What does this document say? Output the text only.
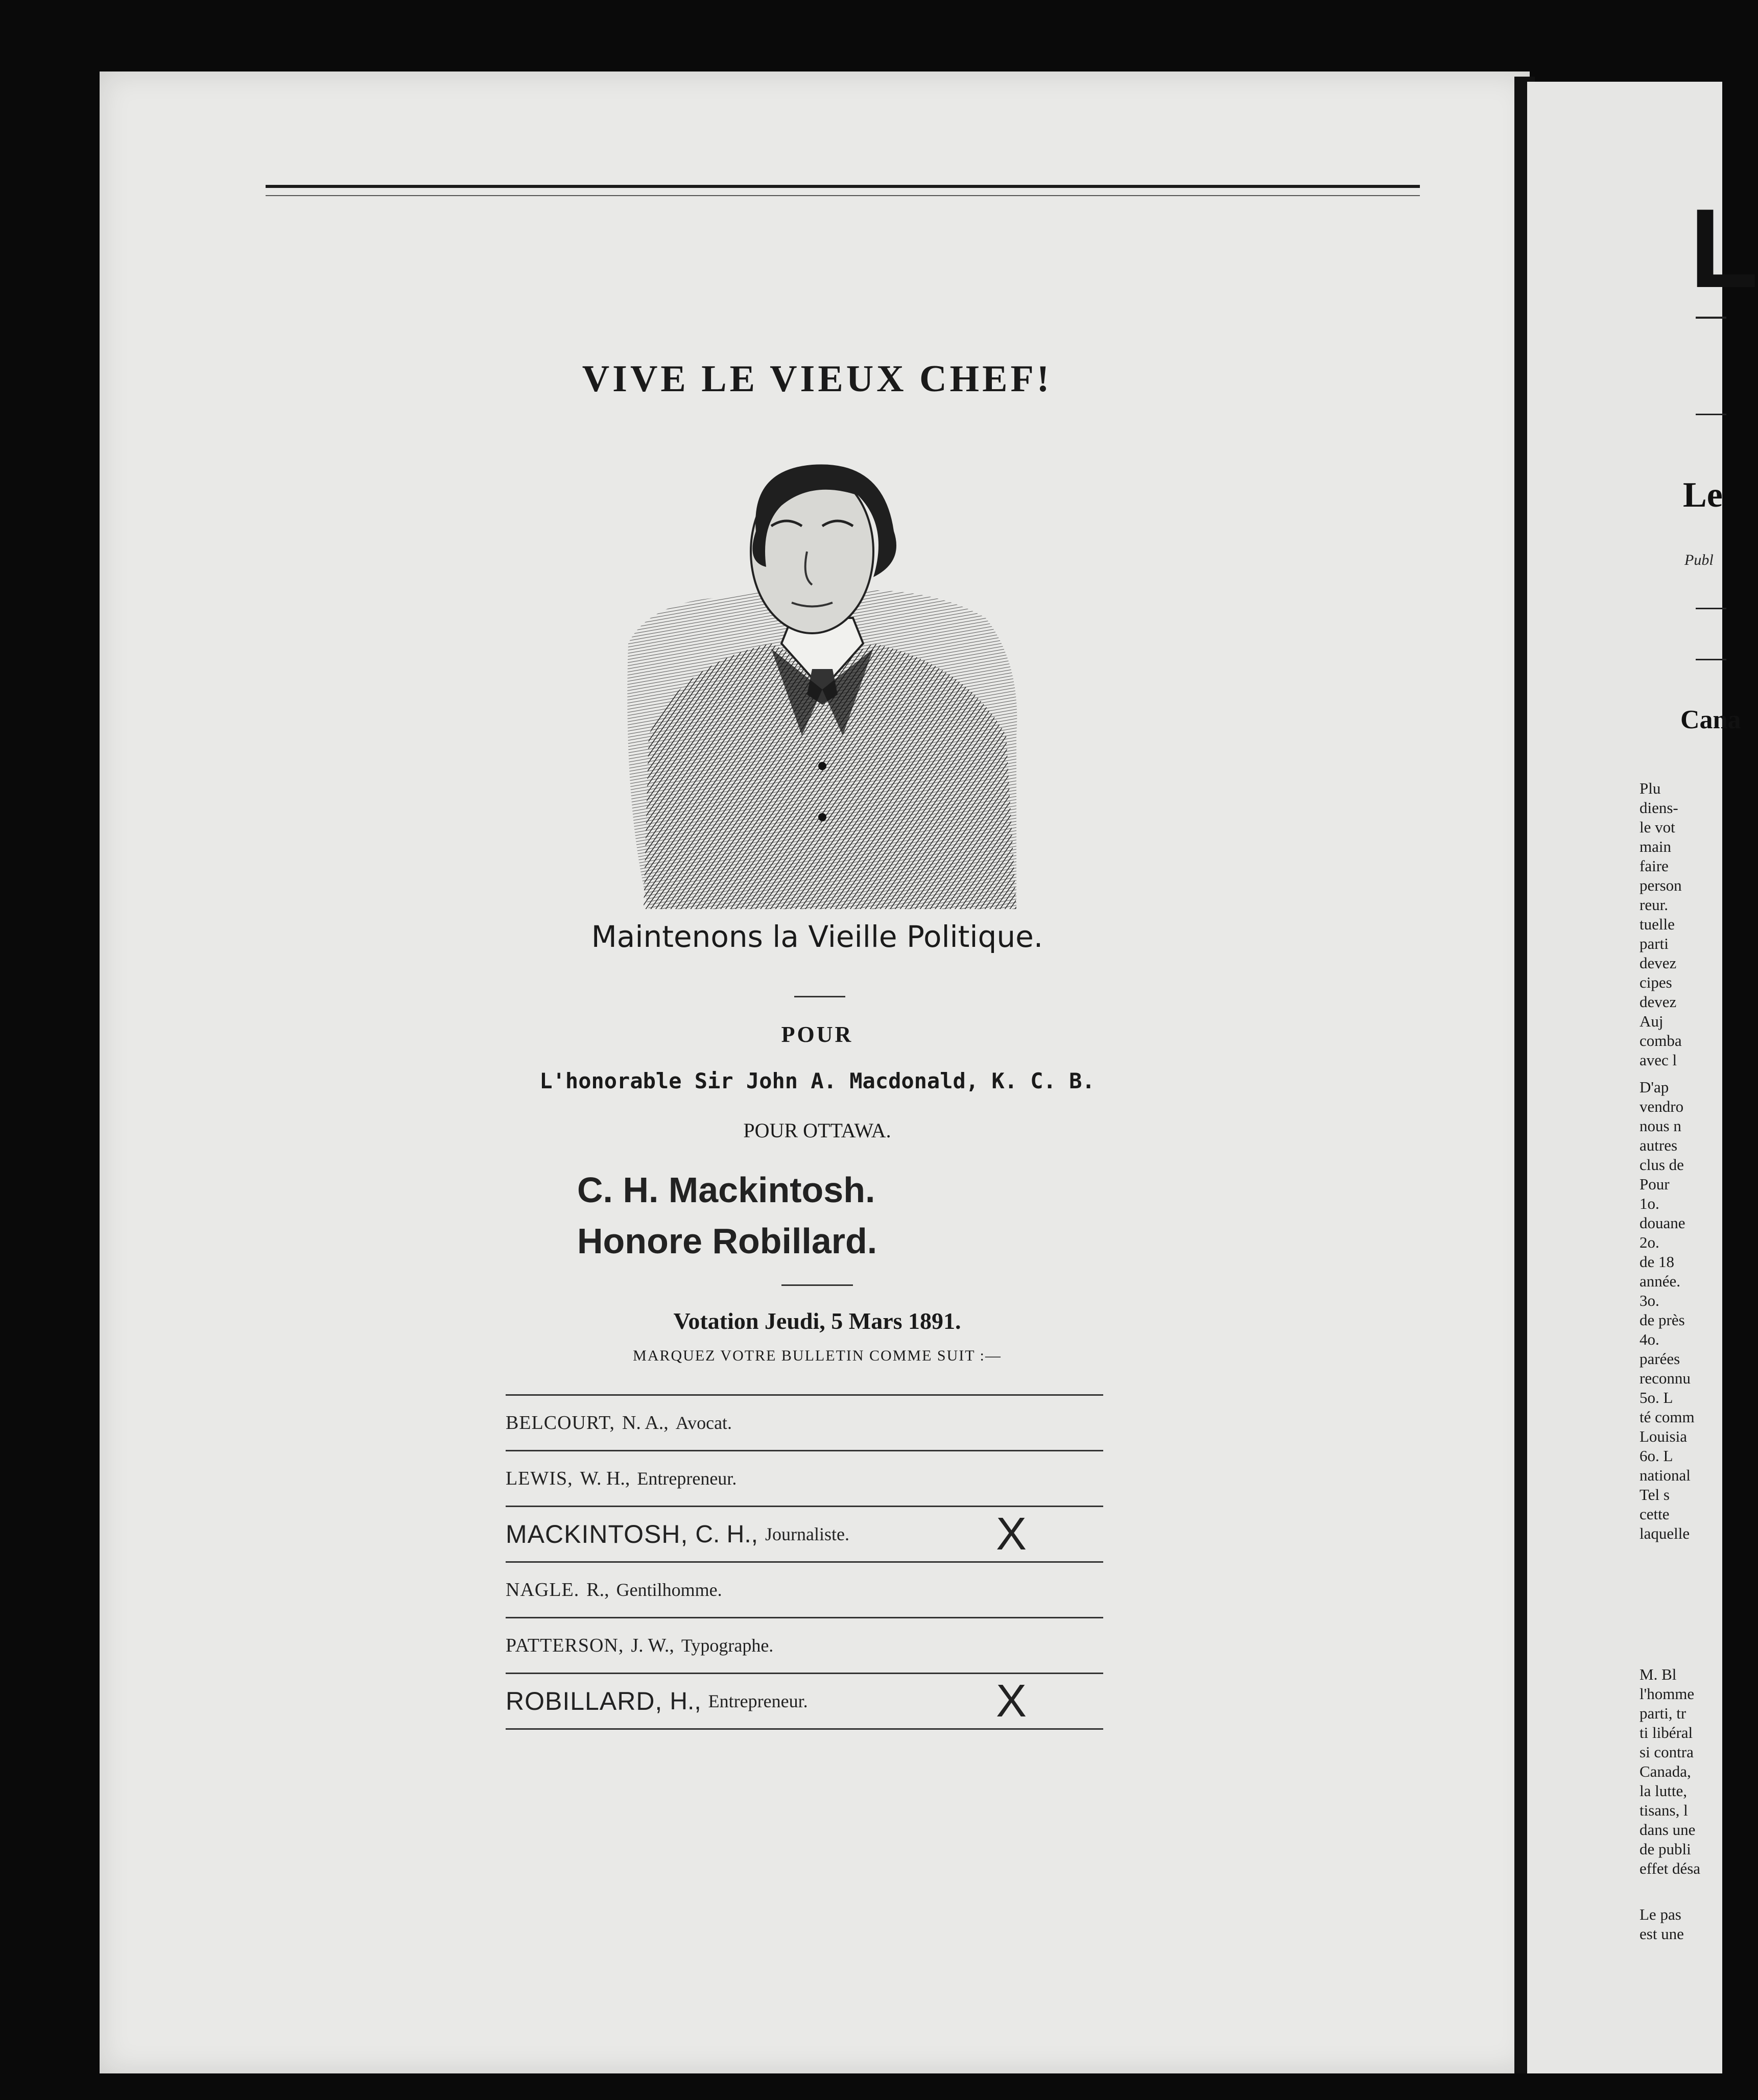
VIVE LE VIEUX CHEF!
Maintenons la Vieille Politique.
POUR
L'honorable Sir John A. Macdonald, K. C. B.
POUR OTTAWA.
C. H. Mackintosh.
Honore Robillard.
Votation Jeudi, 5 Mars 1891.
MARQUEZ VOTRE BULLETIN COMME SUIT :—
BELCOURT, N. A., Avocat.
LEWIS, W. H., Entrepreneur.
MACKINTOSH, C. H., Journaliste.	X
NAGLE. R., Gentilhomme.
PATTERSON, J. W., Typographe.
ROBILLARD, H., Entrepreneur.	X
L
Le
Publ
Cana
Plu
diens-
le vot
main
faire
person
reur.
tuelle
parti
devez
cipes
devez
Auj
comba
avec l
D'ap
vendro
nous n
autres
clus de
Pour
1o.
douane
2o.
de 18
année.
3o.
de près
4o.
parées
reconnu
5o. L
té comm
Louisia
6o. L
national
Tel s
cette
laquelle
M. Bl
l'homme
parti, tr
ti libéral
si contra
Canada,
la lutte,
tisans, l
dans une
de publi
effet désa
Le pas
est une
